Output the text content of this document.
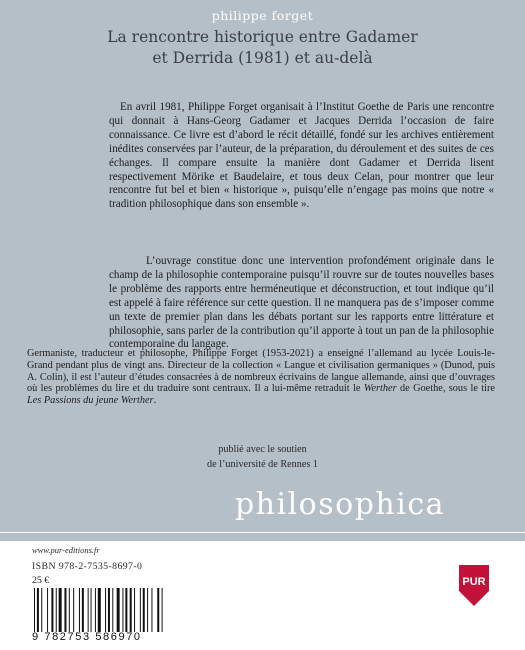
philippe forget
La rencontre historique entre Gadamer
et Derrida (1981) et au-delà
En avril 1981, Philippe Forget organisait à l’Institut Goethe de Paris une rencontre qui donnait à Hans-Georg Gadamer et Jacques Derrida l’occasion de faire connaissance. Ce livre est d’abord le récit détaillé, fondé sur les archives entièrement inédites conservées par l’auteur, de la préparation, du déroulement et des suites de ces échanges. Il compare ensuite la manière dont Gadamer et Derrida lisent respectivement Mörike et Baudelaire, et tous deux Celan, pour montrer que leur rencontre fut bel et bien « historique », puisqu’elle n’engage pas moins que notre « tradition philosophique dans son ensemble ».
L’ouvrage constitue donc une intervention profondément originale dans le champ de la philosophie contemporaine puisqu’il rouvre sur de toutes nouvelles bases le problème des rapports entre herméneutique et déconstruction, et tout indique qu’il est appelé à faire référence sur cette question. Il ne manquera pas de s’imposer comme un texte de premier plan dans les débats portant sur les rapports entre littérature et philosophie, sans parler de la contribution qu’il apporte à tout un pan de la philosophie contemporaine du langage.
Germaniste, traducteur et philosophe, Philippe Forget (1953-2021) a enseigné l’allemand au lycée Louis-le-Grand pendant plus de vingt ans. Directeur de la collection « Langue et civilisation germaniques » (Dunod, puis A. Colin), il est l’auteur d’études consacrées à de nombreux écrivains de langue allemande, ainsi que d’ouvrages où les problèmes du lire et du traduire sont centraux. Il a lui-même retraduit le Werther de Goethe, sous le tire Les Passions du jeune Werther.
publié avec le soutien
de l’université de Rennes 1
philosophica
www.pur-editions.fr
ISBN 978-2-7535-8697-0
25 €
9 782753 586970
PUR
